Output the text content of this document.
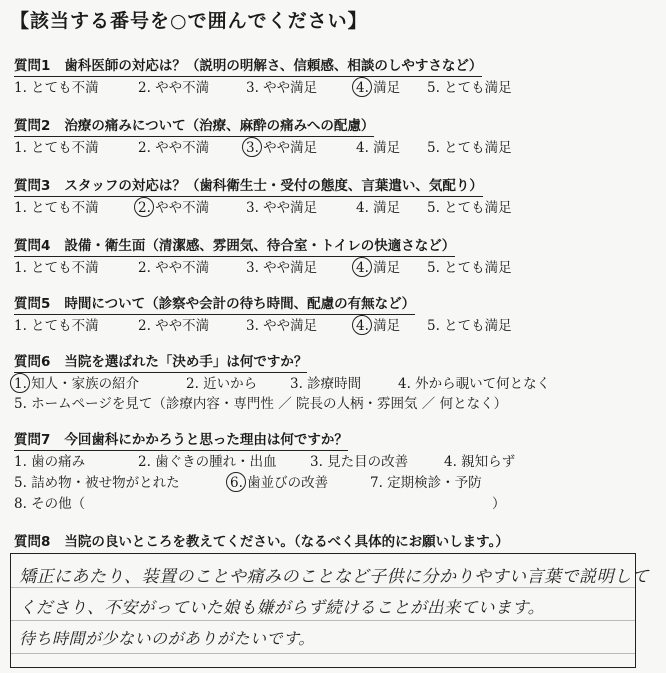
【該当する番号を○で囲んでください】
質問1 歯科医師の対応は？（説明の明解さ、信頼感、相談のしやすさなど）
1. とても不満	2. やや不満	3. やや満足	4. 満足 5. とても満足
質問2 治療の痛みについて（治療、麻酔の痛みへの配慮）
1. とても不満	2. やや不満	3. やや満足	4. 満足 5. とても満足
質問3 スタッフの対応は？（歯科衛生士・受付の態度、言葉遣い、気配り）
1. とても不満	2. やや不満	3. やや満足	4. 満足 5. とても満足
質問4 設備・衛生面（清潔感、雰囲気、待合室・トイレの快適さなど）
1. とても不満	2. やや不満	3. やや満足	4. 満足 5. とても満足
質問5 時間について（診察や会計の待ち時間、配慮の有無など）
1. とても不満	2. やや不満	3. やや満足	4. 満足 5. とても満足
質問6 当院を選ばれた「決め手」は何ですか？
1. 知人・家族の紹介	2. 近いから 3. 診療時間	4. 外から覗いて何となく
5. ホームページを見て（診療内容・専門性 ／ 院長の人柄・雰囲気 ／ 何となく）
質問7 今回歯科にかかろうと思った理由は何ですか？
1. 歯の痛み	2. 歯ぐきの腫れ・出血 3. 見た目の改善	4. 親知らず
5. 詰め物・被せ物がとれた	6. 歯並びの改善	7. 定期検診・予防
8. その他（	）
質問8 当院の良いところを教えてください。（なるべく具体的にお願いします。）
矯正にあたり、装置のことや痛みのことなど子供に分かりやすい言葉で説明して
くださり、不安がっていた娘も嫌がらず続けることが出来ています。
待ち時間が少ないのがありがたいです。
